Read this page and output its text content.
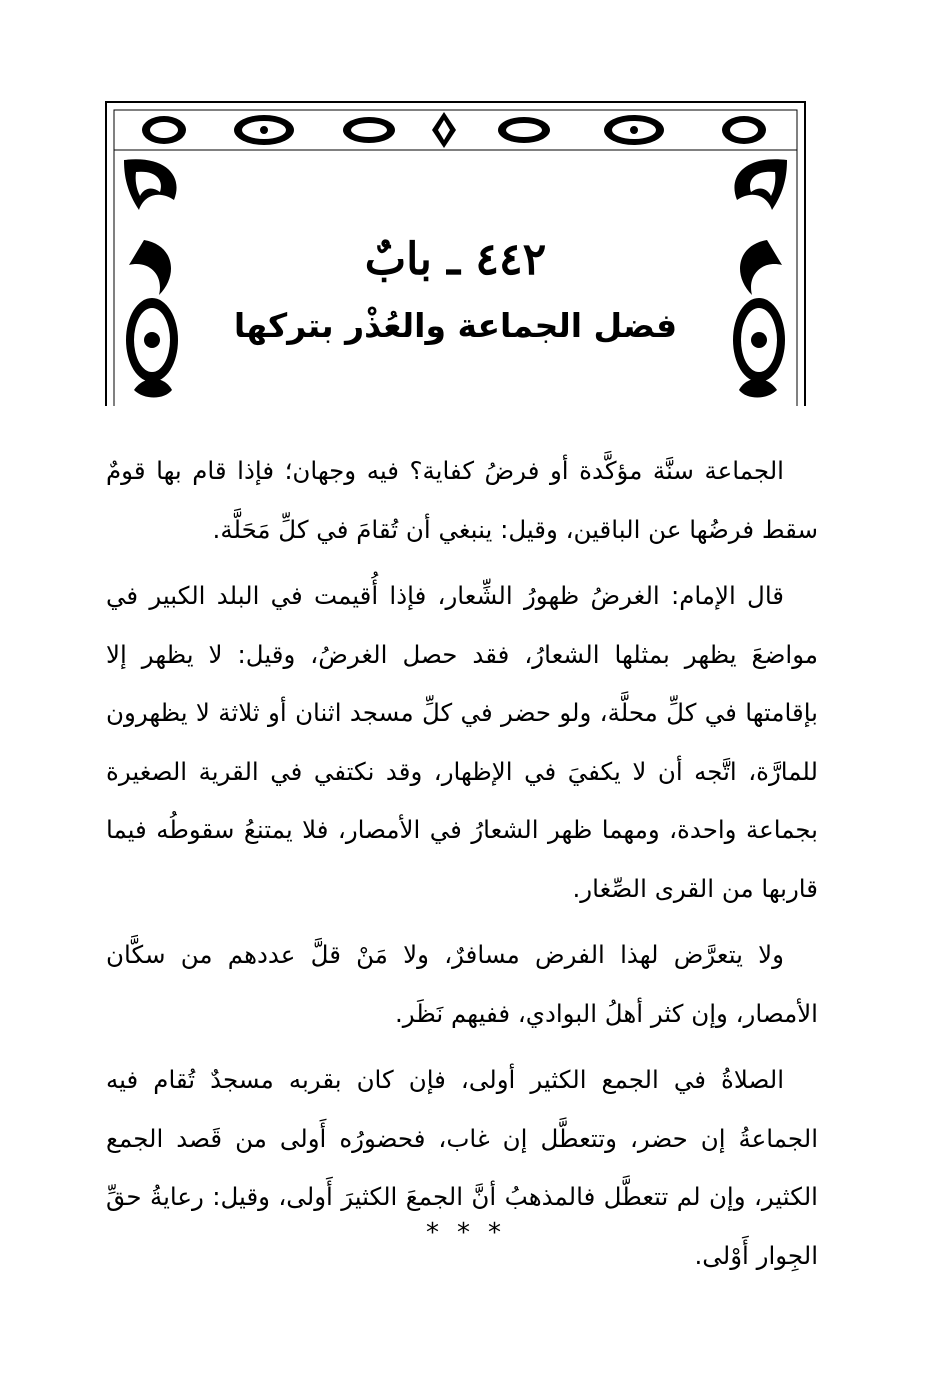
٤٤٢ ـ بابٌ

فضل الجماعة والعُذْر بتركها

الجماعة سنَّة مؤكَّدة أو فرضُ كفاية؟ فيه وجهان؛ فإذا قام بها قومٌ سقط فرضُها عن الباقين، وقيل: ينبغي أن تُقامَ في كلِّ مَحَلَّة.

قال الإمام: الغرضُ ظهورُ الشِّعار، فإذا أُقيمت في البلد الكبير في مواضعَ يظهر بمثلها الشعارُ، فقد حصل الغرضُ، وقيل: لا يظهر إلا بإقامتها في كلِّ محلَّة، ولو حضر في كلِّ مسجد اثنان أو ثلاثة لا يظهرون للمارَّة، اتَّجه أن لا يكفيَ في الإظهار، وقد نكتفي في القرية الصغيرة بجماعة واحدة، ومهما ظهر الشعارُ في الأمصار، فلا يمتنعُ سقوطُه فيما قاربها من القرى الصِّغار.

ولا يتعرَّض لهذا الفرض مسافرٌ، ولا مَنْ قلَّ عددهم من سكَّان الأمصار، وإن كثر أهلُ البوادي، ففيهم نَظَر.

الصلاةُ في الجمع الكثير أولى، فإن كان بقربه مسجدٌ تُقام فيه الجماعةُ إن حضر، وتتعطَّل إن غاب، فحضورُه أَولى من قَصد الجمع الكثير، وإن لم تتعطَّل فالمذهبُ أنَّ الجمعَ الكثيرَ أَولى، وقيل: رعايةُ حقِّ الجِوار أَوْلى.

***
